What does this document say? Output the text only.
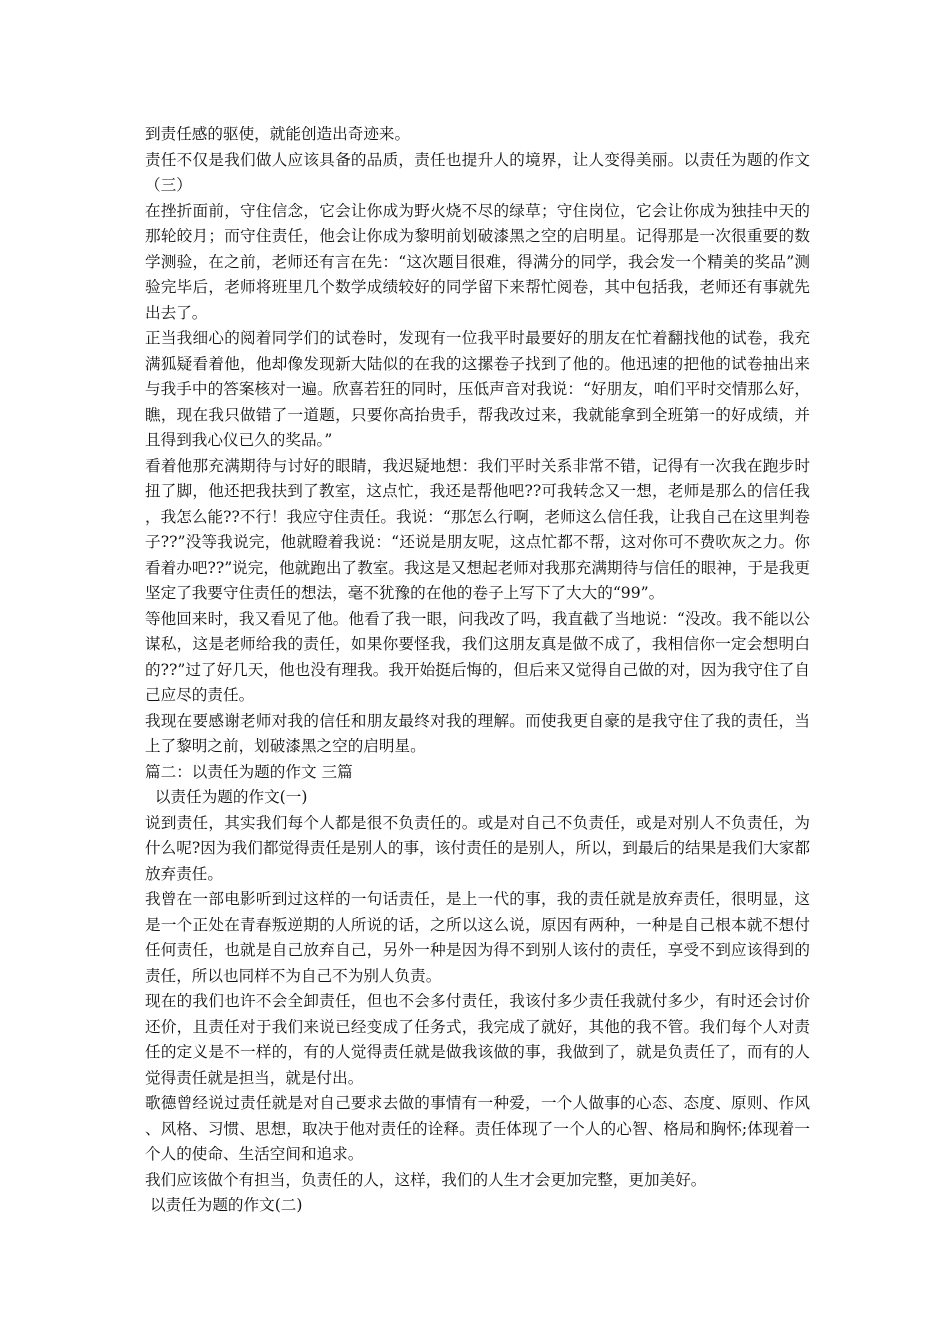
到责任感的驱使，就能创造出奇迹来。

责任不仅是我们做人应该具备的品质，责任也提升人的境界，让人变得美丽。以责任为题的作文（三）

在挫折面前，守住信念，它会让你成为野火烧不尽的绿草；守住岗位，它会让你成为独挂中天的那轮皎月；而守住责任，他会让你成为黎明前划破漆黑之空的启明星。记得那是一次很重要的数学测验，在之前，老师还有言在先：“这次题目很难，得满分的同学，我会发一个精美的奖品”测验完毕后，老师将班里几个数学成绩较好的同学留下来帮忙阅卷，其中包括我，老师还有事就先出去了。

正当我细心的阅着同学们的试卷时，发现有一位我平时最要好的朋友在忙着翻找他的试卷，我充满狐疑看着他，他却像发现新大陆似的在我的这摞卷子找到了他的。他迅速的把他的试卷抽出来与我手中的答案核对一遍。欣喜若狂的同时，压低声音对我说：“好朋友，咱们平时交情那么好，瞧，现在我只做错了一道题，只要你高抬贵手，帮我改过来，我就能拿到全班第一的好成绩，并且得到我心仪已久的奖品。”

看着他那充满期待与讨好的眼睛，我迟疑地想：我们平时关系非常不错，记得有一次我在跑步时扭了脚，他还把我扶到了教室，这点忙，我还是帮他吧??可我转念又一想，老师是那么的信任我，我怎么能??不行！我应守住责任。我说：“那怎么行啊，老师这么信任我，让我自己在这里判卷子??”没等我说完，他就瞪着我说：“还说是朋友呢，这点忙都不帮，这对你可不费吹灰之力。你看着办吧??”说完，他就跑出了教室。我这是又想起老师对我那充满期待与信任的眼神，于是我更坚定了我要守住责任的想法，毫不犹豫的在他的卷子上写下了大大的“99”。

等他回来时，我又看见了他。他看了我一眼，问我改了吗，我直截了当地说：“没改。我不能以公谋私，这是老师给我的责任，如果你要怪我，我们这朋友真是做不成了，我相信你一定会想明白的??”过了好几天，他也没有理我。我开始挺后悔的，但后来又觉得自己做的对，因为我守住了自己应尽的责任。

我现在要感谢老师对我的信任和朋友最终对我的理解。而使我更自豪的是我守住了我的责任，当上了黎明之前，划破漆黑之空的启明星。

篇二：以责任为题的作文 三篇

以责任为题的作文(一)

说到责任，其实我们每个人都是很不负责任的。或是对自己不负责任，或是对别人不负责任，为什么呢?因为我们都觉得责任是别人的事，该付责任的是别人，所以，到最后的结果是我们大家都放弃责任。

我曾在一部电影听到过这样的一句话责任，是上一代的事，我的责任就是放弃责任，很明显，这是一个正处在青春叛逆期的人所说的话，之所以这么说，原因有两种，一种是自己根本就不想付任何责任，也就是自己放弃自己，另外一种是因为得不到别人该付的责任，享受不到应该得到的责任，所以也同样不为自己不为别人负责。

现在的我们也许不会全卸责任，但也不会多付责任，我该付多少责任我就付多少，有时还会讨价还价，且责任对于我们来说已经变成了任务式，我完成了就好，其他的我不管。我们每个人对责任的定义是不一样的，有的人觉得责任就是做我该做的事，我做到了，就是负责任了，而有的人觉得责任就是担当，就是付出。

歌德曾经说过责任就是对自己要求去做的事情有一种爱，一个人做事的心态、态度、原则、作风、风格、习惯、思想，取决于他对责任的诠释。责任体现了一个人的心智、格局和胸怀;体现着一个人的使命、生活空间和追求。

我们应该做个有担当，负责任的人，这样，我们的人生才会更加完整，更加美好。

以责任为题的作文(二)
